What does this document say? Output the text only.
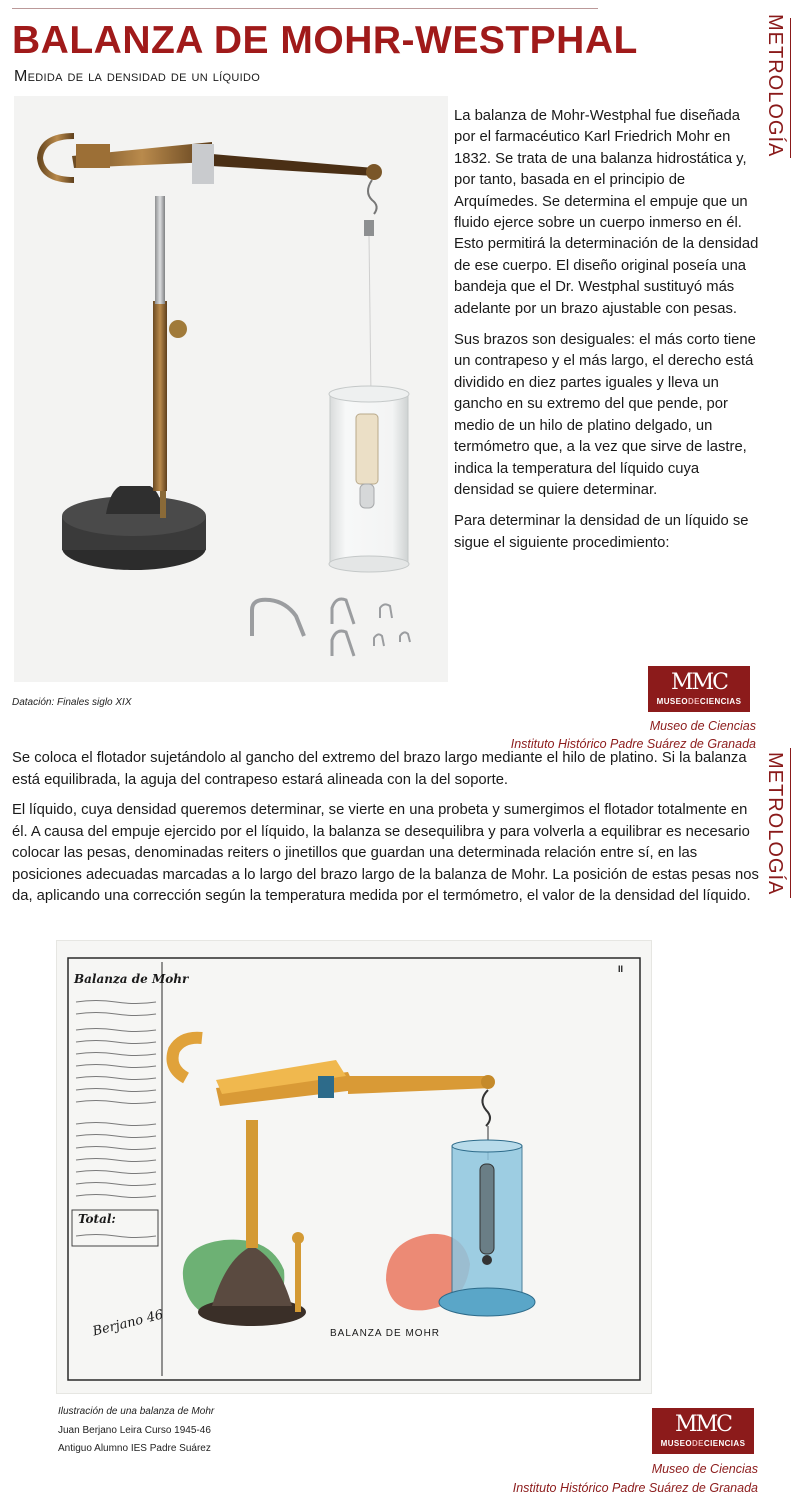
BALANZA DE MOHR-WESTPHAL
Medida de la densidad de un líquido	METROLOGÍA
METROLOGÍA

La balanza de Mohr-Westphal fue diseñada por el farmacéutico Karl Friedrich Mohr en 1832. Se trata de una balanza hidrostática y, por tanto, basada en el principio de Arquímedes. Se determina el empuje que un fluido ejerce sobre un cuerpo inmerso en él. Esto permitirá la determinación de la densidad de ese cuerpo. El diseño original poseía una bandeja que el Dr. Westphal sustituyó más adelante por un brazo ajustable con pesas.

Sus brazos son desiguales: el más corto tiene un contrapeso y el más largo, el derecho está dividido en diez partes iguales y lleva un gancho en su extremo del que pende, por medio de un hilo de platino delgado, un termómetro que, a la vez que sirve de lastre, indica la temperatura del líquido cuya densidad se quiere determinar.

Para determinar la densidad de un líquido se sigue el siguiente procedimiento:

Datación: Finales siglo XIX
MMC
MUSEODECIENCIAS
Museo de Ciencias
Instituto Histórico Padre Suárez de Granada

Se coloca el flotador sujetándolo al gancho del extremo del brazo largo mediante el hilo de platino. Si la balanza está equilibrada, la aguja del contrapeso estará alineada con la del soporte.

El líquido, cuya densidad queremos determinar, se vierte en una probeta y sumergimos el flotador totalmente en él. A causa del empuje ejercido por el líquido, la balanza se desequilibra y para volverla a equilibrar es necesario colocar las pesas, denominadas reiters o jinetillos que guardan una determinada relación entre sí, en las posiciones adecuadas marcadas a lo largo del brazo largo de la balanza de Mohr. La posición de estas pesas nos da, aplicando una corrección según la temperatura medida por el termómetro, el valor de la densidad del líquido.

Balanza de Mohr
II
Total:
Berjano 46	BALANZA DE MOHR
Ilustración de una balanza de Mohr
Juan Berjano Leira Curso 1945-46
Antiguo Alumno IES Padre Suárez
MMC
MUSEODECIENCIAS
Museo de Ciencias
Instituto Histórico Padre Suárez de Granada
